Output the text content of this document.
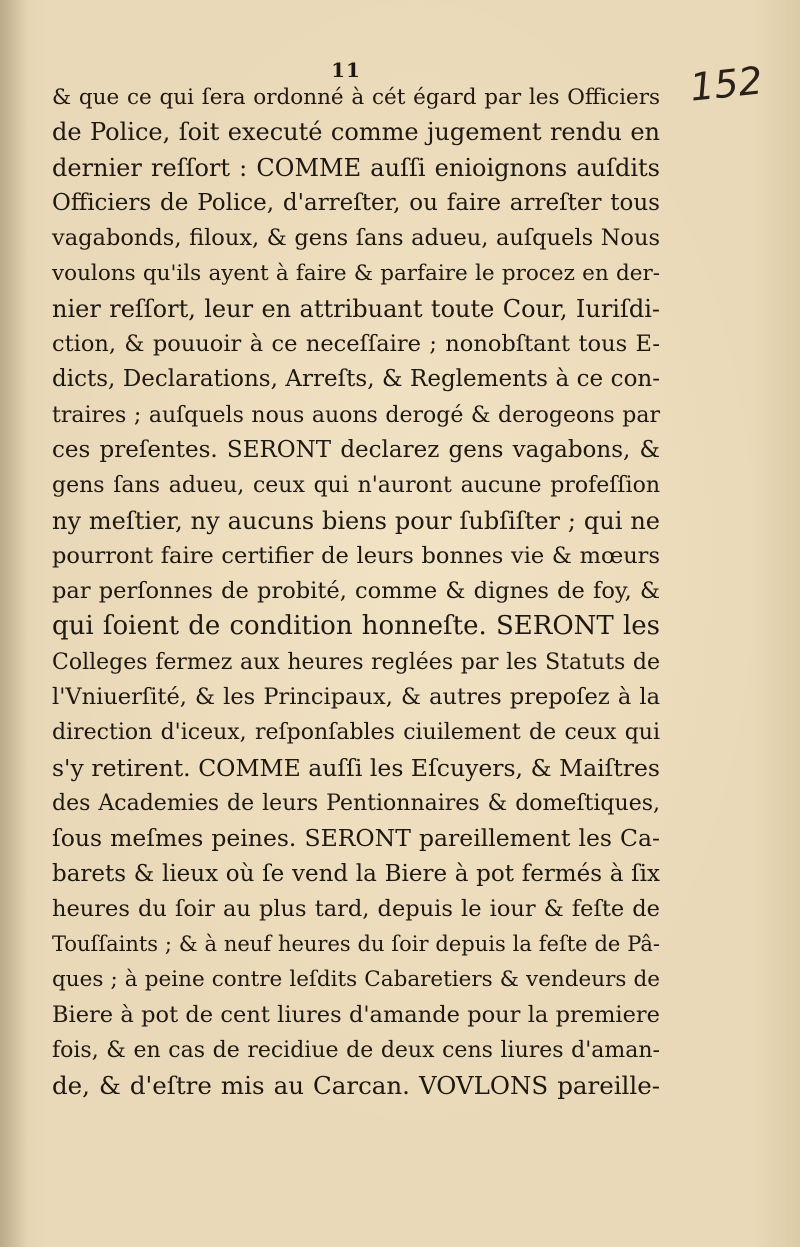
11	152
& que ce qui ſera ordonné à cét égard par les Officiers
de Police, ſoit executé comme jugement rendu en
dernier reſſort : COMME auſſi enioignons auſdits
Officiers de Police, d'arreſter, ou faire arreſter tous
vagabonds, filoux, & gens ſans adueu, auſquels Nous
voulons qu'ils ayent à faire & parfaire le procez en der-
nier reſſort, leur en attribuant toute Cour, Iuriſdi-
ction, & pouuoir à ce neceſſaire ; nonobſtant tous E-
dicts, Declarations, Arreſts, & Reglements à ce con-
traires ; auſquels nous auons derogé & derogeons par
ces preſentes. SERONT declarez gens vagabons, &
gens ſans adueu, ceux qui n'auront aucune profeſſion
ny meſtier, ny aucuns biens pour ſubſiſter ; qui ne
pourront faire certifier de leurs bonnes vie & mœurs
par perſonnes de probité, comme & dignes de foy, &
qui ſoient de condition honneſte. SERONT les
Colleges fermez aux heures reglées par les Statuts de
l'Vniuerſité, & les Principaux, & autres prepoſez à la
direction d'iceux, reſponſables ciuilement de ceux qui
s'y retirent. COMME auſſi les Eſcuyers, & Maiſtres
des Academies de leurs Pentionnaires & domeſtiques,
ſous meſmes peines. SERONT pareillement les Ca-
barets & lieux où ſe vend la Biere à pot fermés à ſix
heures du ſoir au plus tard, depuis le iour & feſte de
Touſſaints ; & à neuf heures du ſoir depuis la feſte de Pâ-
ques ; à peine contre leſdits Cabaretiers & vendeurs de
Biere à pot de cent liures d'amande pour la premiere
fois, & en cas de recidiue de deux cens liures d'aman-
de, & d'eſtre mis au Carcan. VOVLONS pareille-
